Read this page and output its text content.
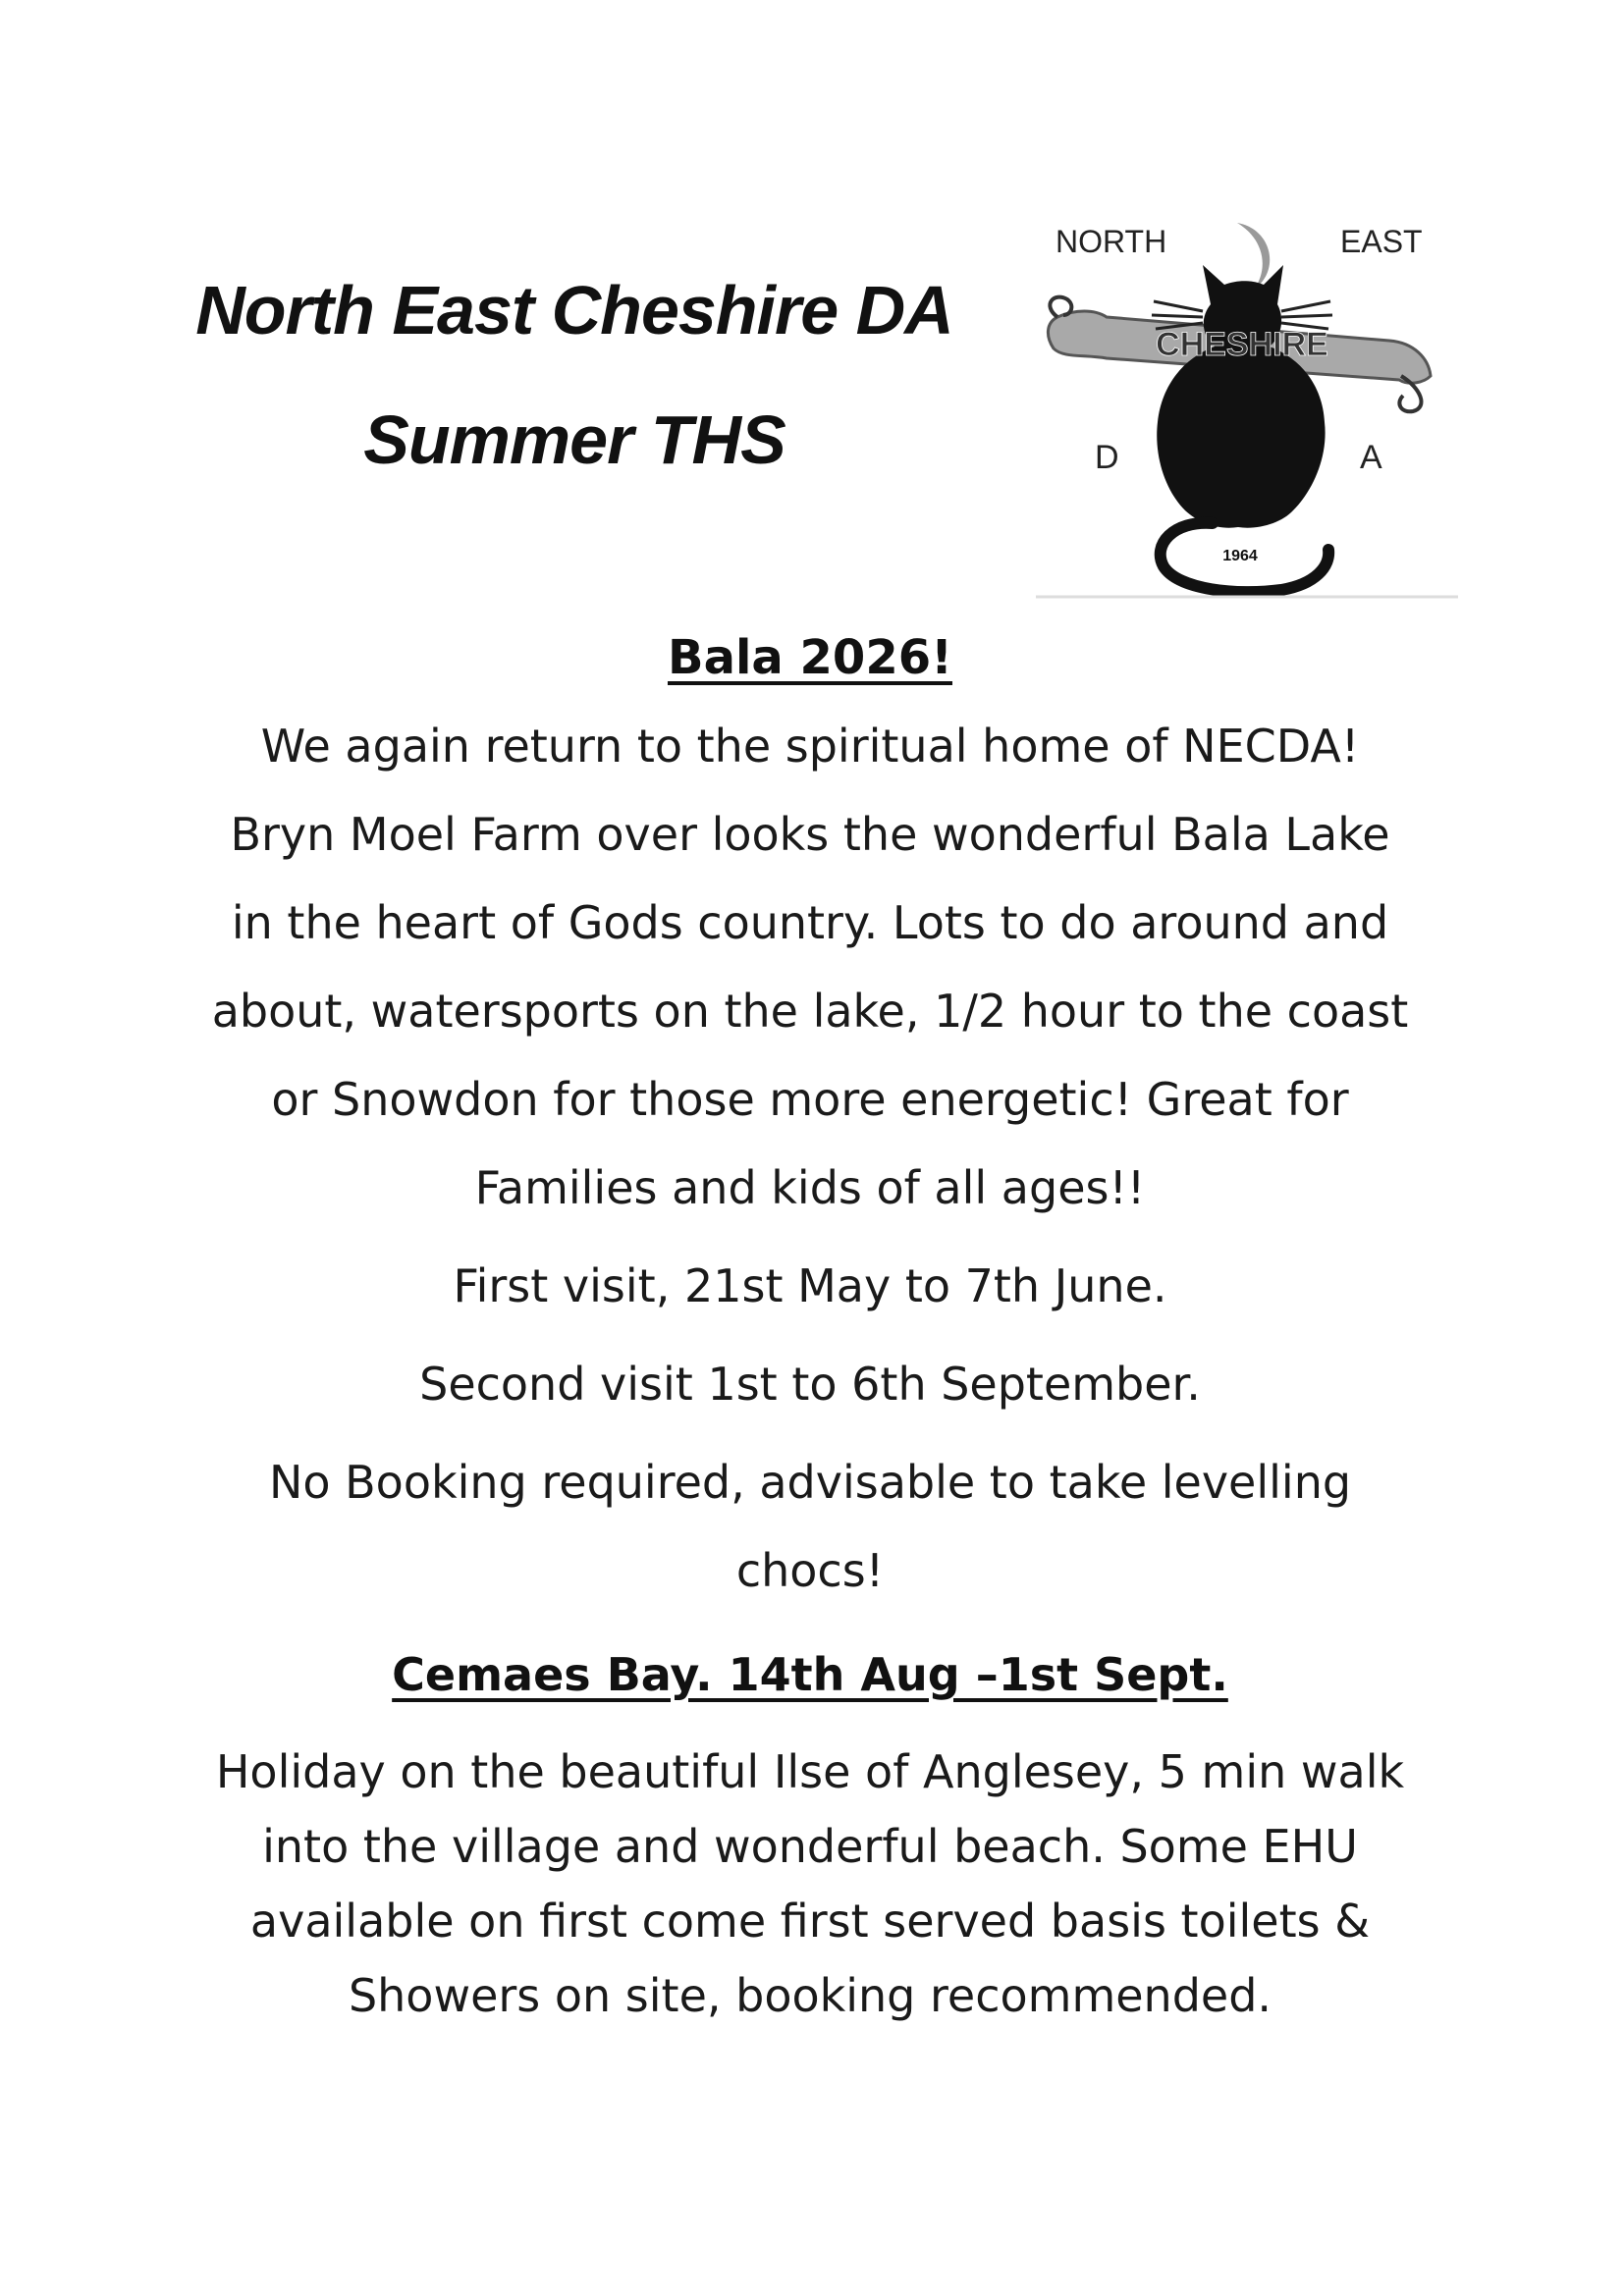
North East Cheshire DA
Summer THS
NORTH	EAST
CHESHIRE
D	A
1964
Bala 2026!

We again return to the spiritual home of NECDA!

Bryn Moel Farm over looks the wonderful Bala Lake

in the heart of Gods country. Lots to do around and

about, watersports on the lake, 1/2 hour to the coast

or Snowdon for those more energetic! Great for

Families and kids of all ages!!

First visit, 21st May to 7th June.

Second visit 1st to 6th September.

No Booking required, advisable to take levelling

chocs!

Cemaes Bay. 14th Aug –1st Sept.

Holiday on the beautiful Ilse of Anglesey, 5 min walk

into the village and wonderful beach. Some EHU

available on first come first served basis toilets &

Showers on site, booking recommended.
